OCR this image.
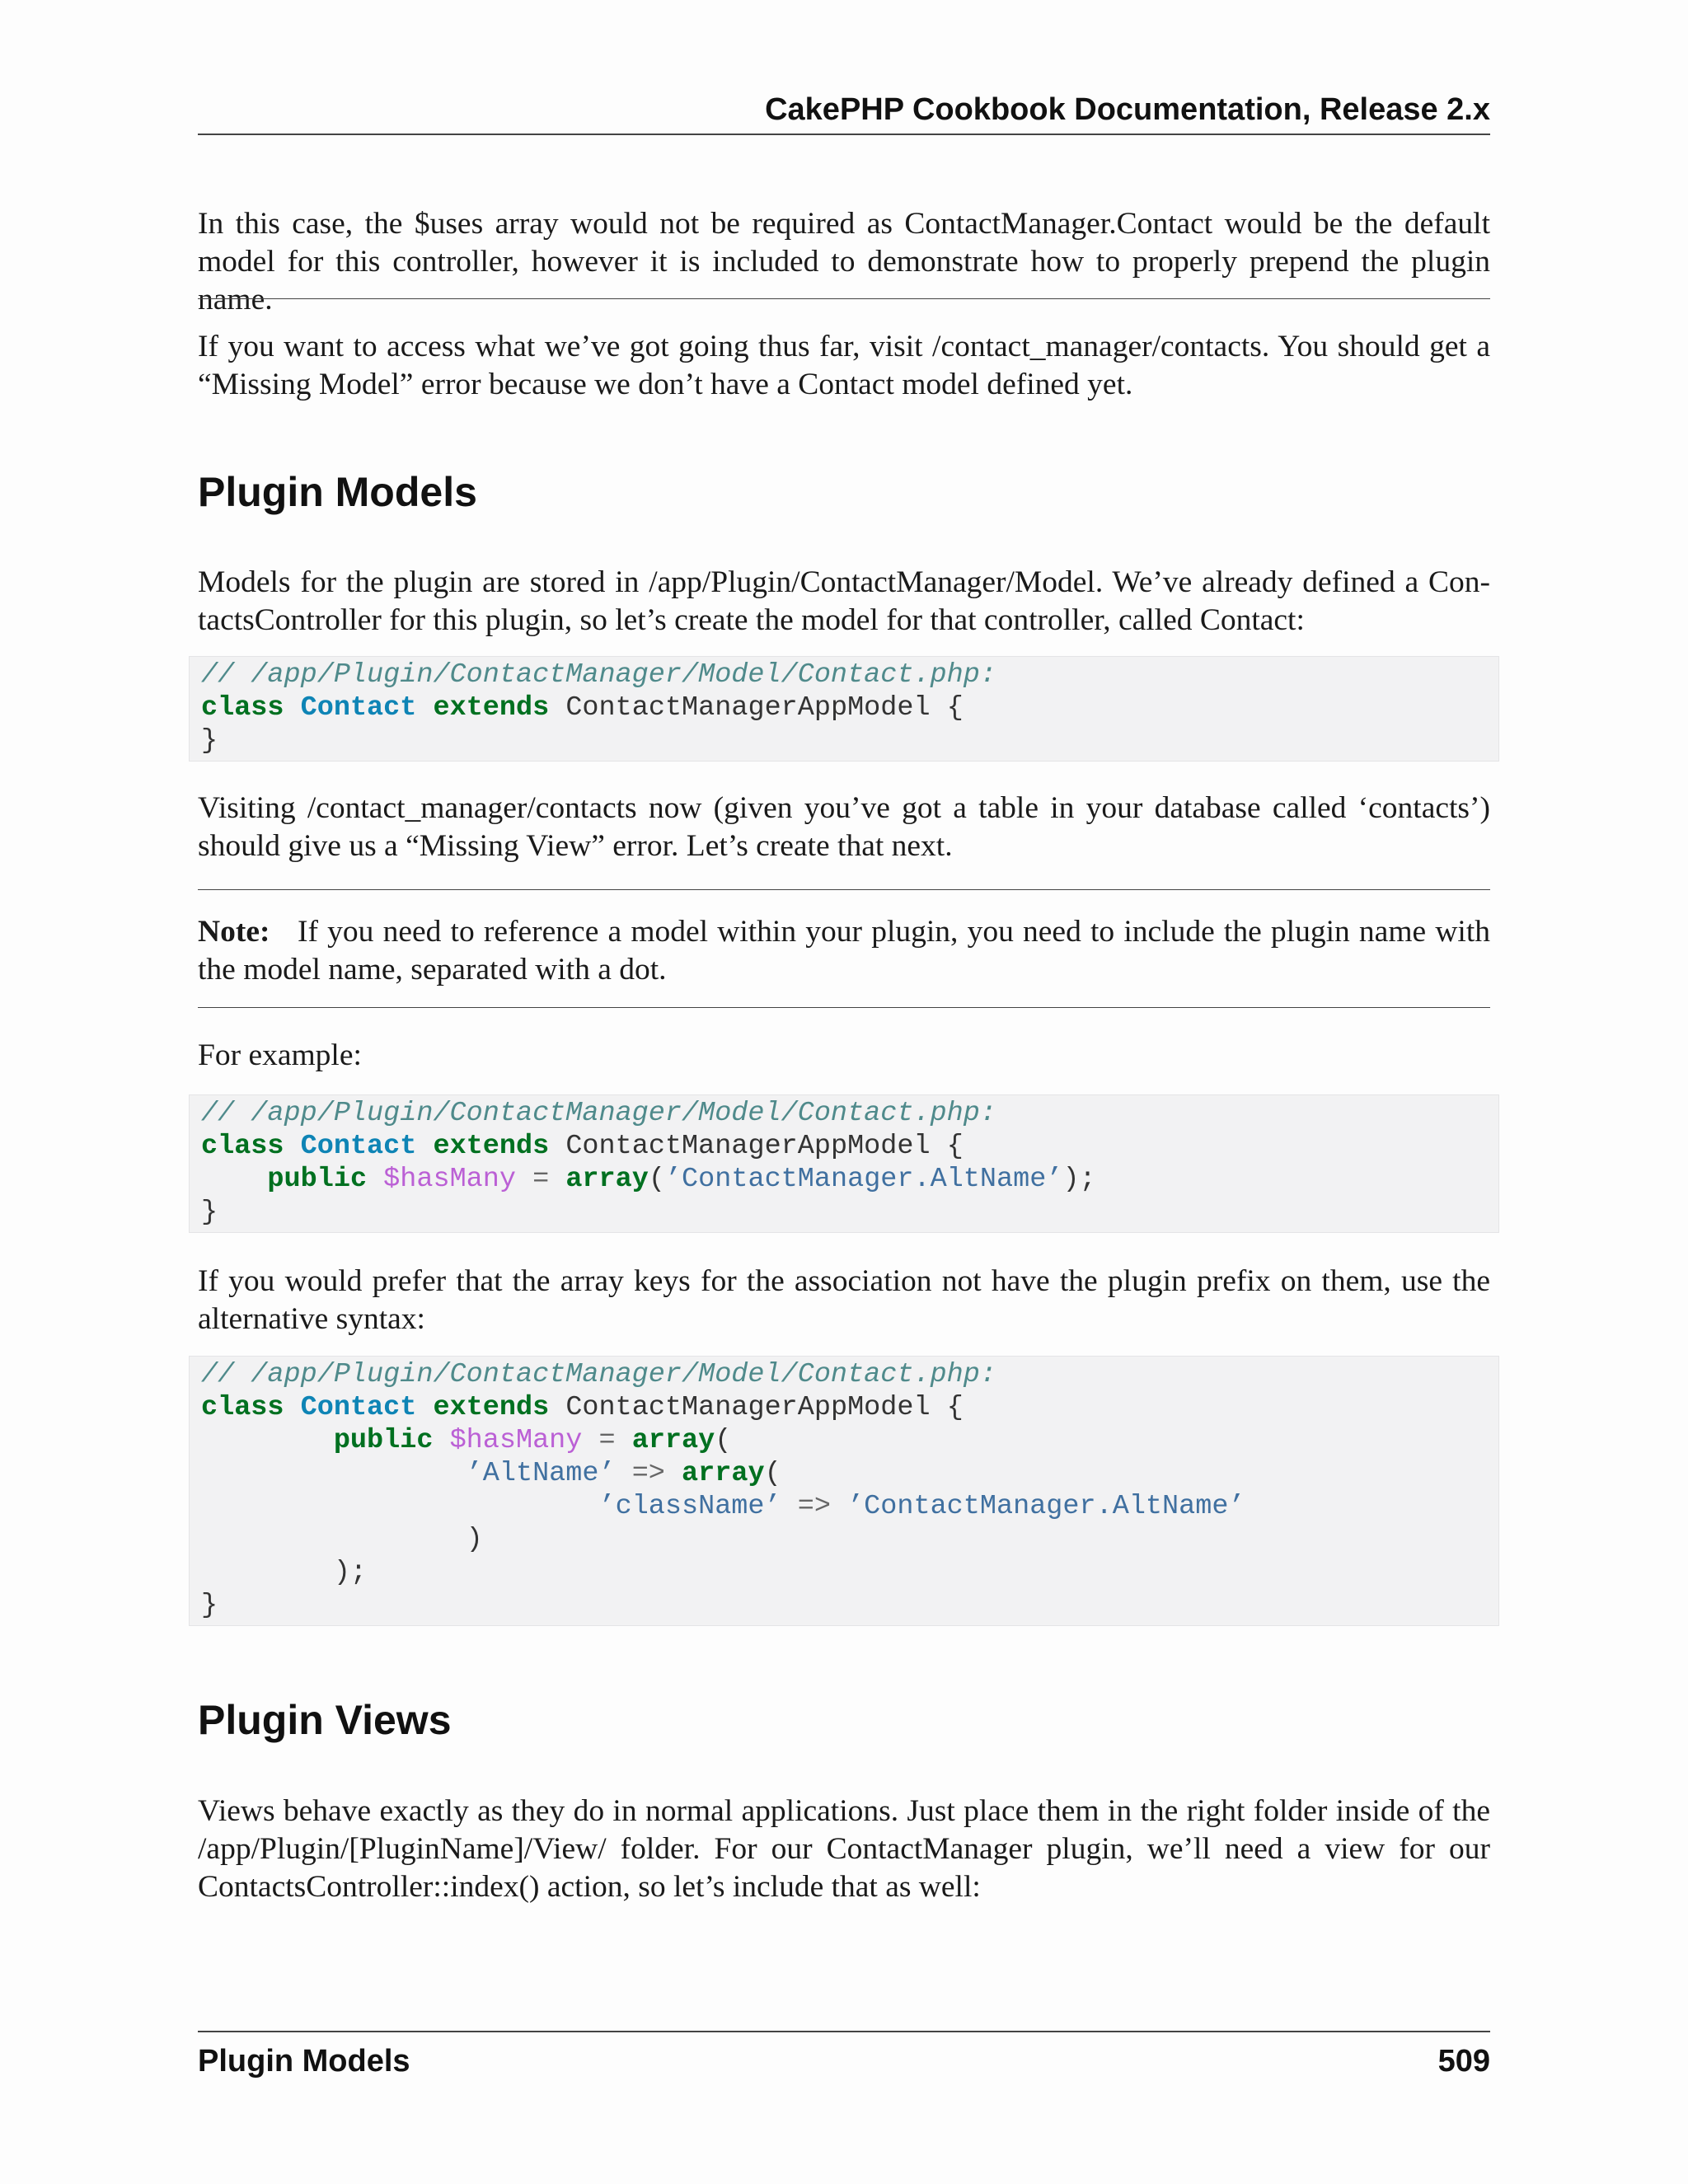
CakePHP Cookbook Documentation, Release 2.x
In this case, the $uses array would not be required as ContactManager.Contact would be the default model for this controller, however it is included to demonstrate how to properly prepend the plugin name.
If you want to access what we’ve got going thus far, visit /contact_manager/contacts. You should get a “Missing Model” error because we don’t have a Contact model defined yet.
Plugin Models
Models for the plugin are stored in /app/Plugin/ContactManager/Model. We’ve already defined a ContactsController for this plugin, so let’s create the model for that controller, called Contact:
// /app/Plugin/ContactManager/Model/Contact.php:
class Contact extends ContactManagerAppModel {
}
Visiting /contact_manager/contacts now (given you’ve got a table in your database called ‘contacts’) should give us a “Missing View” error. Let’s create that next.
Note: If you need to reference a model within your plugin, you need to include the plugin name with the model name, separated with a dot.
For example:
// /app/Plugin/ContactManager/Model/Contact.php:
class Contact extends ContactManagerAppModel {
public $hasMany = array(’ContactManager.AltName’);
}
If you would prefer that the array keys for the association not have the plugin prefix on them, use the alternative syntax:
// /app/Plugin/ContactManager/Model/Contact.php:
class Contact extends ContactManagerAppModel {
public $hasMany = array(
’AltName’ => array(
’className’ => ’ContactManager.AltName’
)
);
}
Plugin Views
Views behave exactly as they do in normal applications. Just place them in the right folder inside of the /app/Plugin/[PluginName]/View/ folder. For our ContactManager plugin, we’ll need a view for our ContactsController::index() action, so let’s include that as well:
Plugin Models	509
